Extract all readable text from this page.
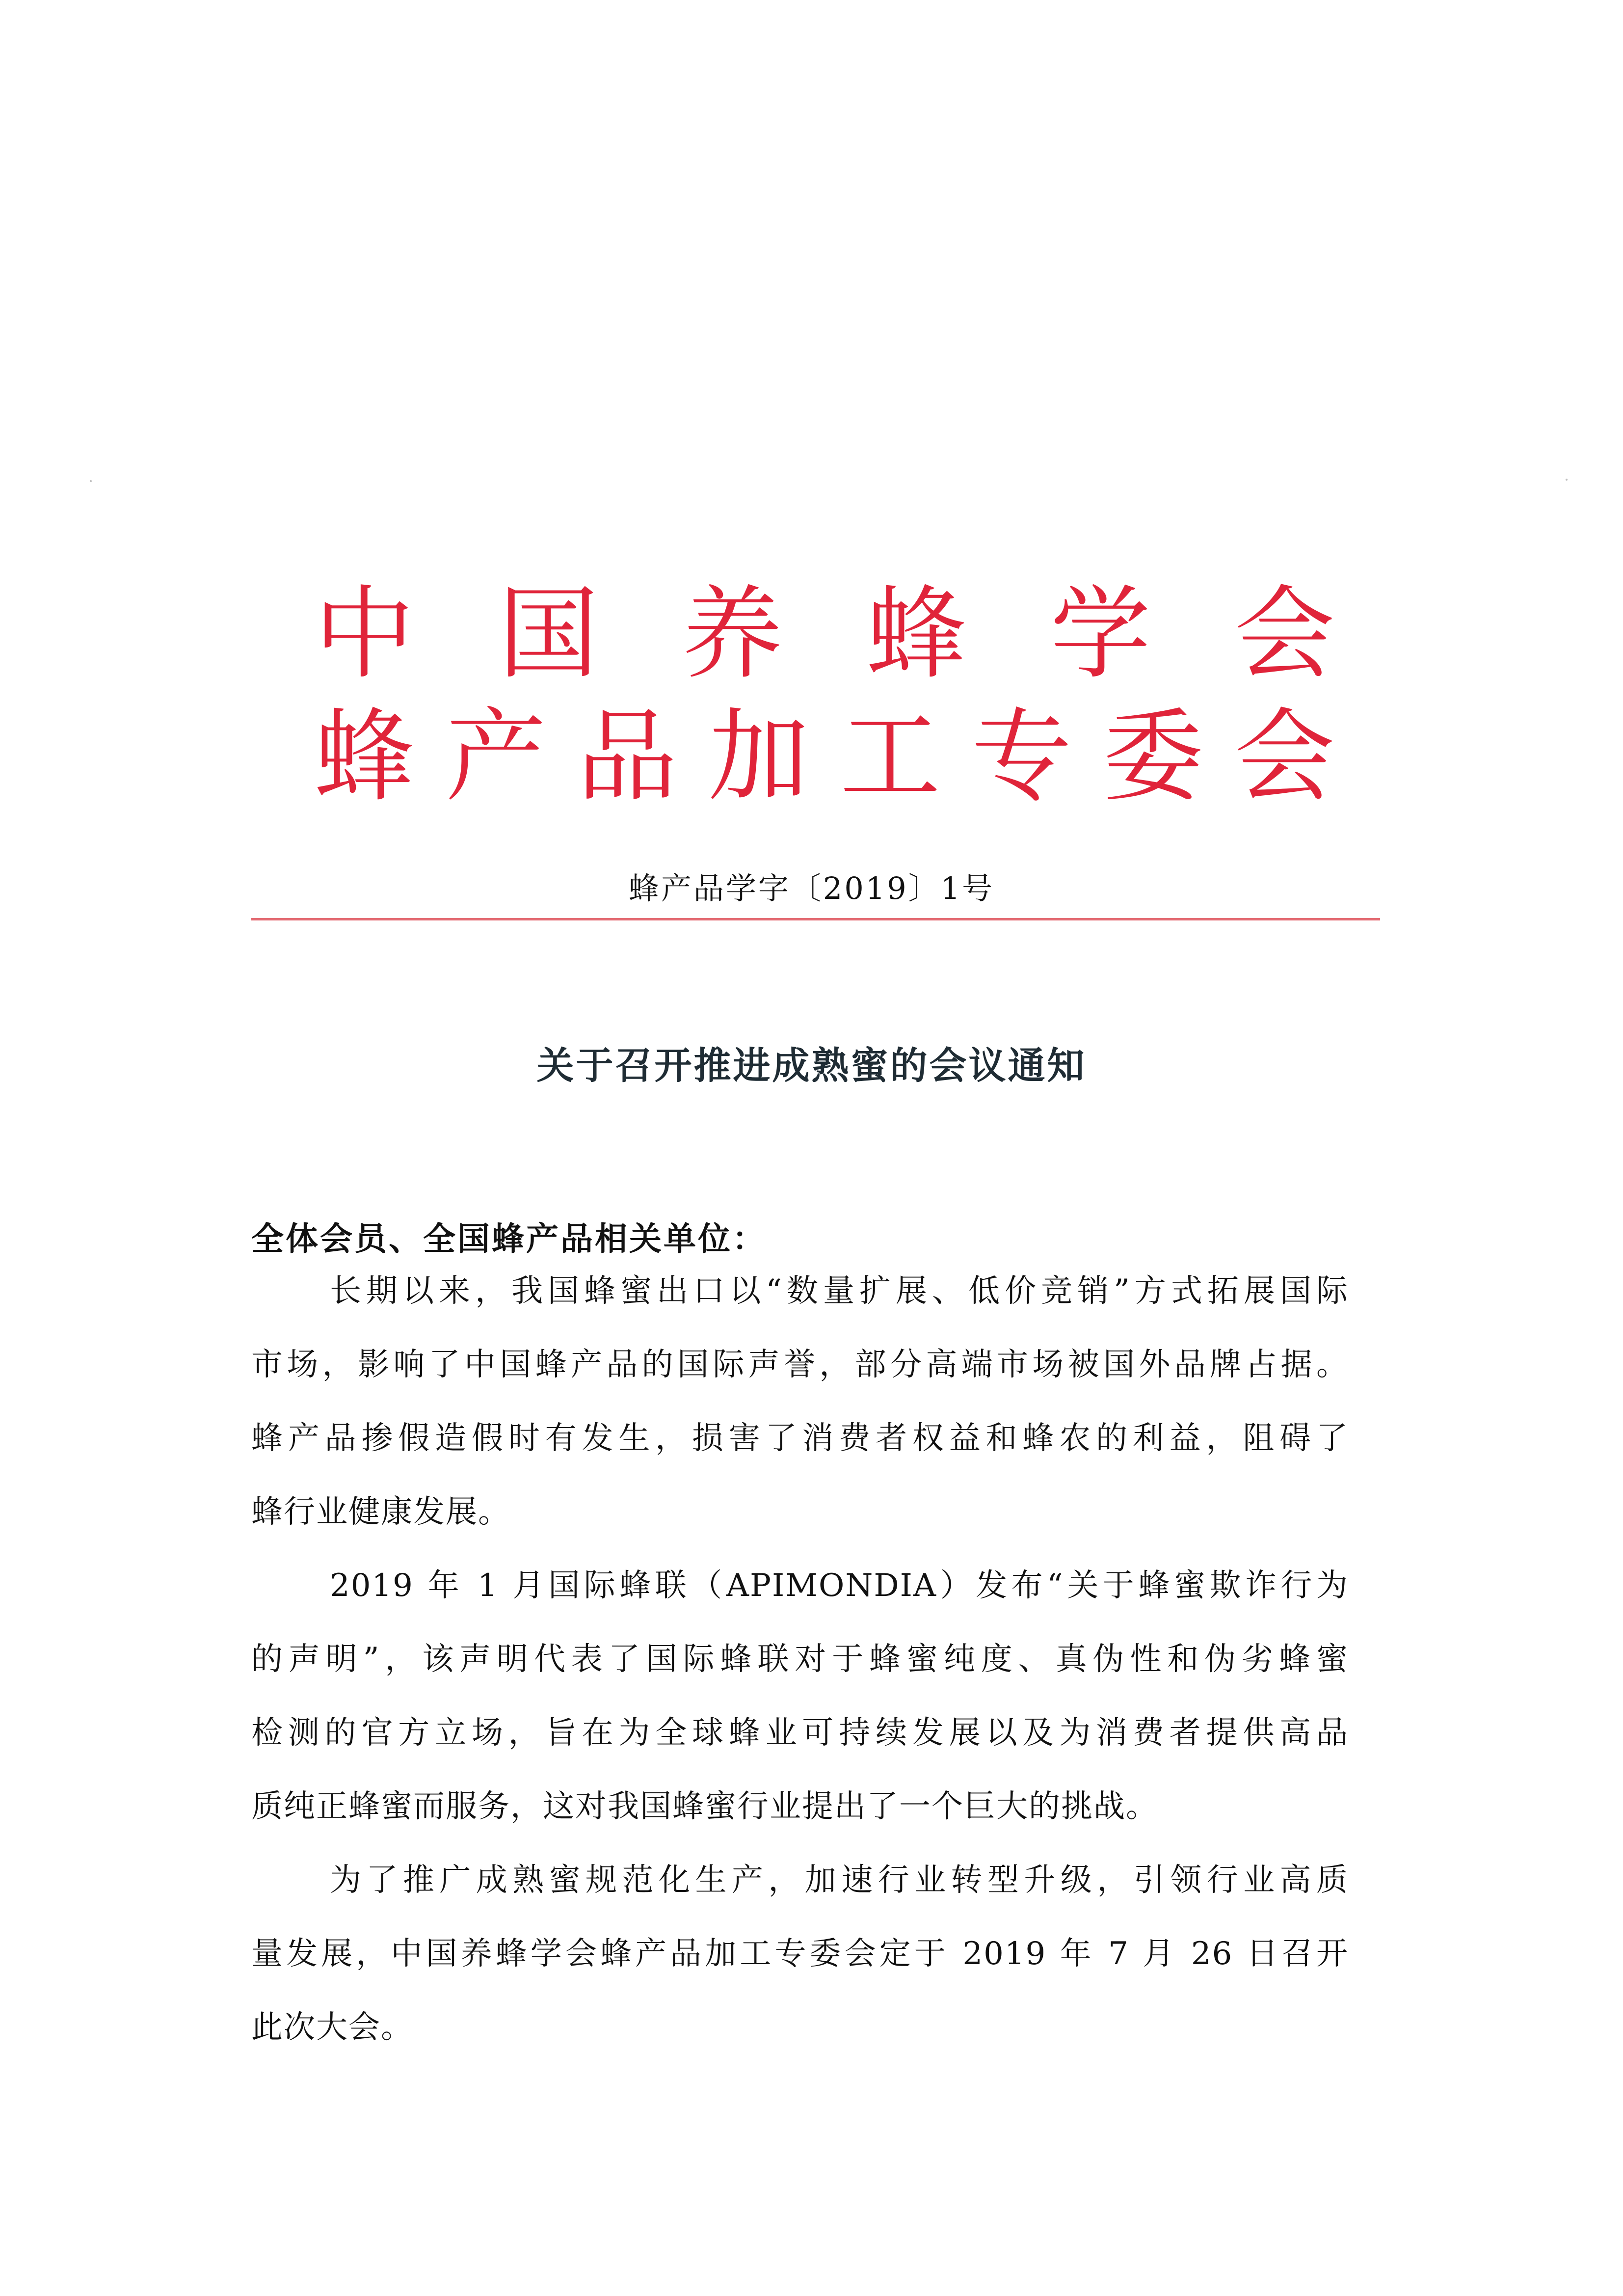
中 国 养 蜂 学 会
蜂 产 品 加 工 专 委 会
蜂产品学字〔2019〕1号
关于召开推进成熟蜜的会议通知
全体会员、全国蜂产品相关单位：
长期以来，我国蜂蜜出口以“数量扩展、低价竞销”方式拓展国际
市场，影响了中国蜂产品的国际声誉，部分高端市场被国外品牌占据。
蜂产品掺假造假时有发生，损害了消费者权益和蜂农的利益，阻碍了
蜂行业健康发展。
2019 年 1 月国际蜂联（APIMONDIA）发布“关于蜂蜜欺诈行为
的声明”，该声明代表了国际蜂联对于蜂蜜纯度、真伪性和伪劣蜂蜜
检测的官方立场，旨在为全球蜂业可持续发展以及为消费者提供高品
质纯正蜂蜜而服务，这对我国蜂蜜行业提出了一个巨大的挑战。
为了推广成熟蜜规范化生产，加速行业转型升级，引领行业高质
量发展，中国养蜂学会蜂产品加工专委会定于 2019 年 7 月 26 日召开
此次大会。
